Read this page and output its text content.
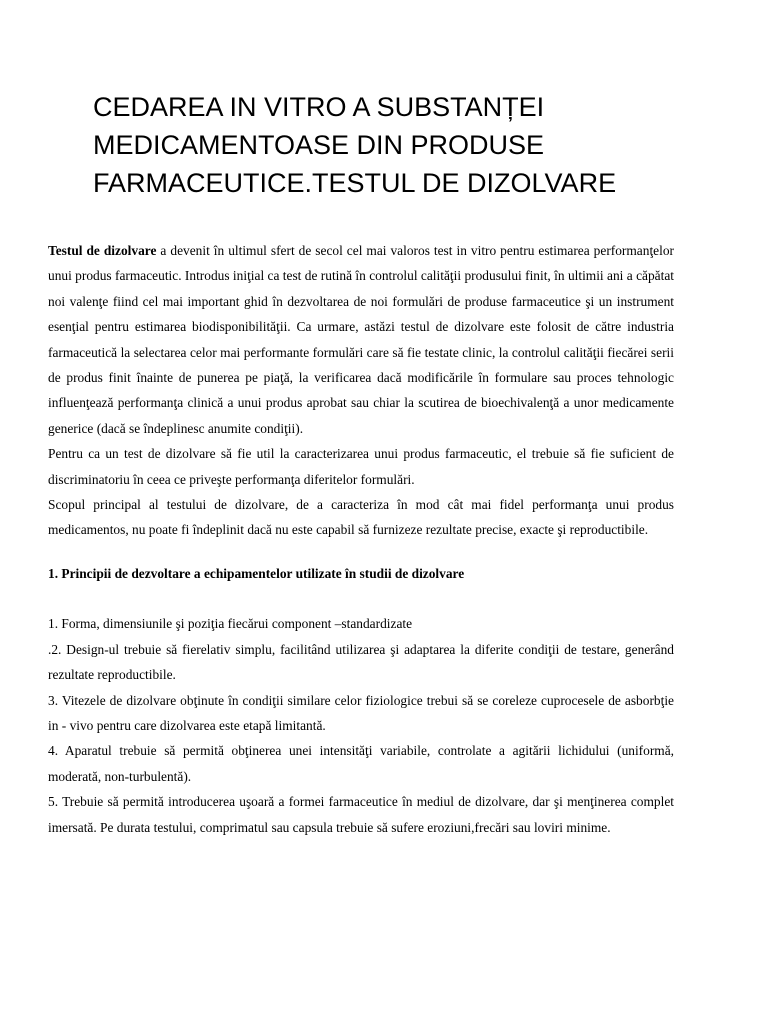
CEDAREA IN VITRO A SUBSTANȚEI
MEDICAMENTOASE DIN PRODUSE
FARMACEUTICE.TESTUL DE DIZOLVARE

Testul de dizolvare a devenit în ultimul sfert de secol cel mai valoros test in vitro pentru estimarea performanţelor unui produs farmaceutic. Introdus iniţial ca test de rutină în controlul calităţii produsului finit, în ultimii ani a căpătat noi valenţe fiind cel mai important ghid în dezvoltarea de noi formulări de produse farmaceutice şi un instrument esenţial pentru estimarea biodisponibilităţii. Ca urmare, astăzi testul de dizolvare este folosit de către industria farmaceutică la selectarea celor mai performante formulări care să fie testate clinic, la controlul calităţii fiecărei serii de produs finit înainte de punerea pe piaţă, la verificarea dacă modificările în formulare sau proces tehnologic influenţează performanţa clinică a unui produs aprobat sau chiar la scutirea de bioechivalenţă a unor medicamente generice (dacă se îndeplinesc anumite condiţii).

Pentru ca un test de dizolvare să fie util la caracterizarea unui produs farmaceutic, el trebuie să fie suficient de discriminatoriu în ceea ce priveşte performanţa diferitelor formulări.

Scopul principal al testului de dizolvare, de a caracteriza în mod cât mai fidel performanţa unui produs medicamentos, nu poate fi îndeplinit dacă nu este capabil să furnizeze rezultate precise, exacte şi reproductibile.

1. Principii de dezvoltare a echipamentelor utilizate în studii de dizolvare

1. Forma, dimensiunile şi poziţia fiecărui component –standardizate

.2. Design-ul trebuie să fierelativ simplu, facilitând utilizarea şi adaptarea la diferite condiţii de testare, generând rezultate reproductibile.

3. Vitezele de dizolvare obţinute în condiţii similare celor fiziologice trebui să se coreleze cuprocesele de asborbţie in - vivo pentru care dizolvarea este etapă limitantă.

4. Aparatul trebuie să permită obţinerea unei intensităţi variabile, controlate a agitării lichidului (uniformă, moderată, non-turbulentă).

5. Trebuie să permită introducerea uşoară a formei farmaceutice în mediul de dizolvare, dar şi menţinerea complet imersată. Pe durata testului, comprimatul sau capsula trebuie să sufere eroziuni,frecări sau loviri minime.
